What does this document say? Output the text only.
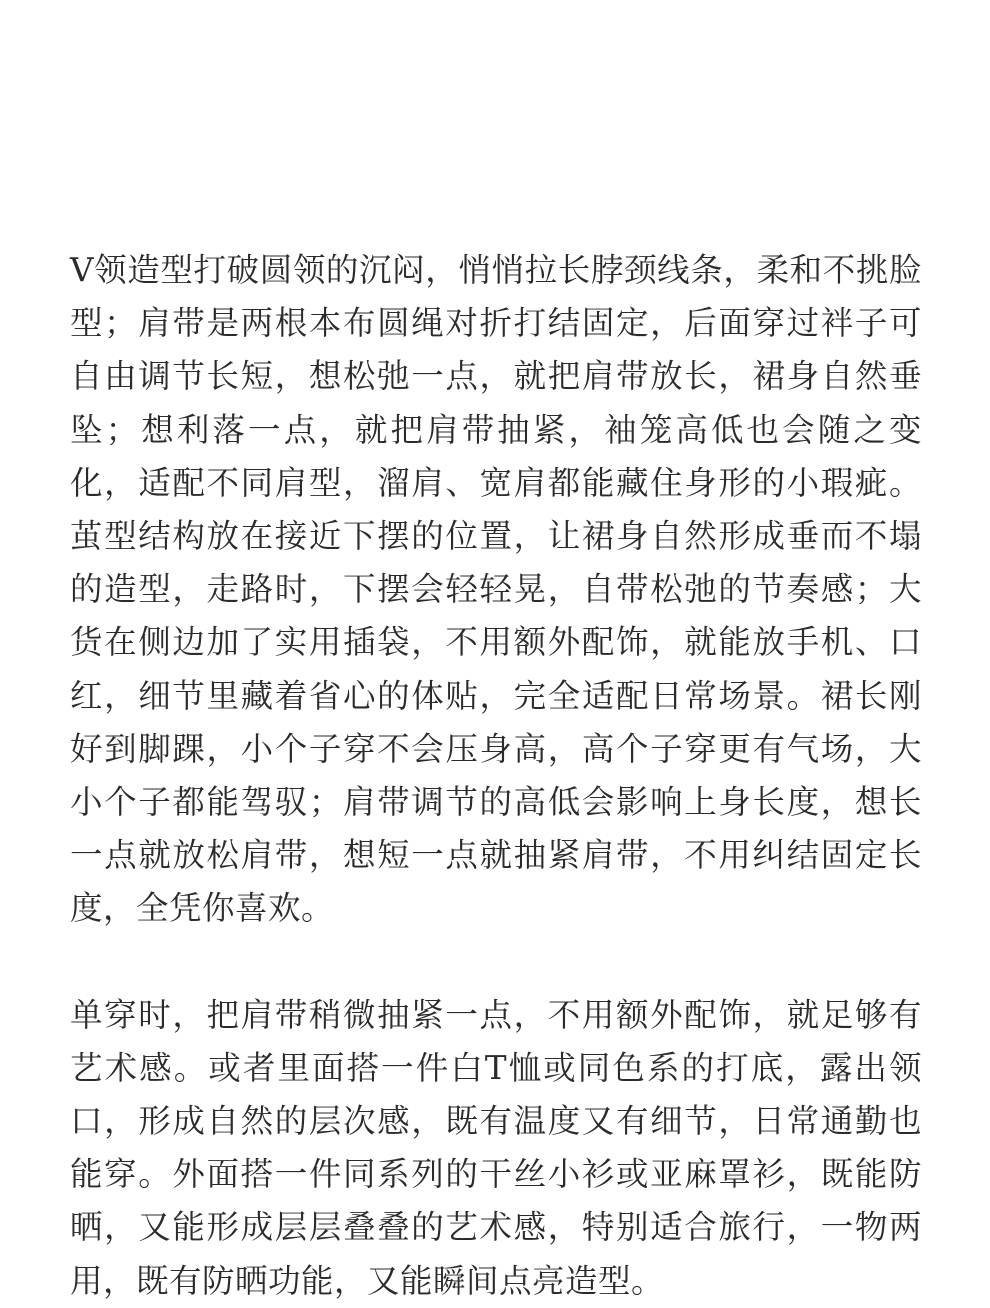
V领造型打破圆领的沉闷，悄悄拉长脖颈线条，柔和不挑脸型；肩带是两根本布圆绳对折打结固定，后面穿过袢子可自由调节长短，想松弛一点，就把肩带放长，裙身自然垂坠；想利落一点，就把肩带抽紧，袖笼高低也会随之变化，适配不同肩型，溜肩、宽肩都能藏住身形的小瑕疵。茧型结构放在接近下摆的位置，让裙身自然形成垂而不塌的造型，走路时，下摆会轻轻晃，自带松弛的节奏感；大货在侧边加了实用插袋，不用额外配饰，就能放手机、口红，细节里藏着省心的体贴，完全适配日常场景。裙长刚好到脚踝，小个子穿不会压身高，高个子穿更有气场，大小个子都能驾驭；肩带调节的高低会影响上身长度，想长一点就放松肩带，想短一点就抽紧肩带，不用纠结固定长度，全凭你喜欢。

单穿时，把肩带稍微抽紧一点，不用额外配饰，就足够有艺术感。或者里面搭一件白T恤或同色系的打底，露出领口，形成自然的层次感，既有温度又有细节，日常通勤也能穿。外面搭一件同系列的干丝小衫或亚麻罩衫，既能防晒，又能形成层层叠叠的艺术感，特别适合旅行，一物两用，既有防晒功能，又能瞬间点亮造型。
